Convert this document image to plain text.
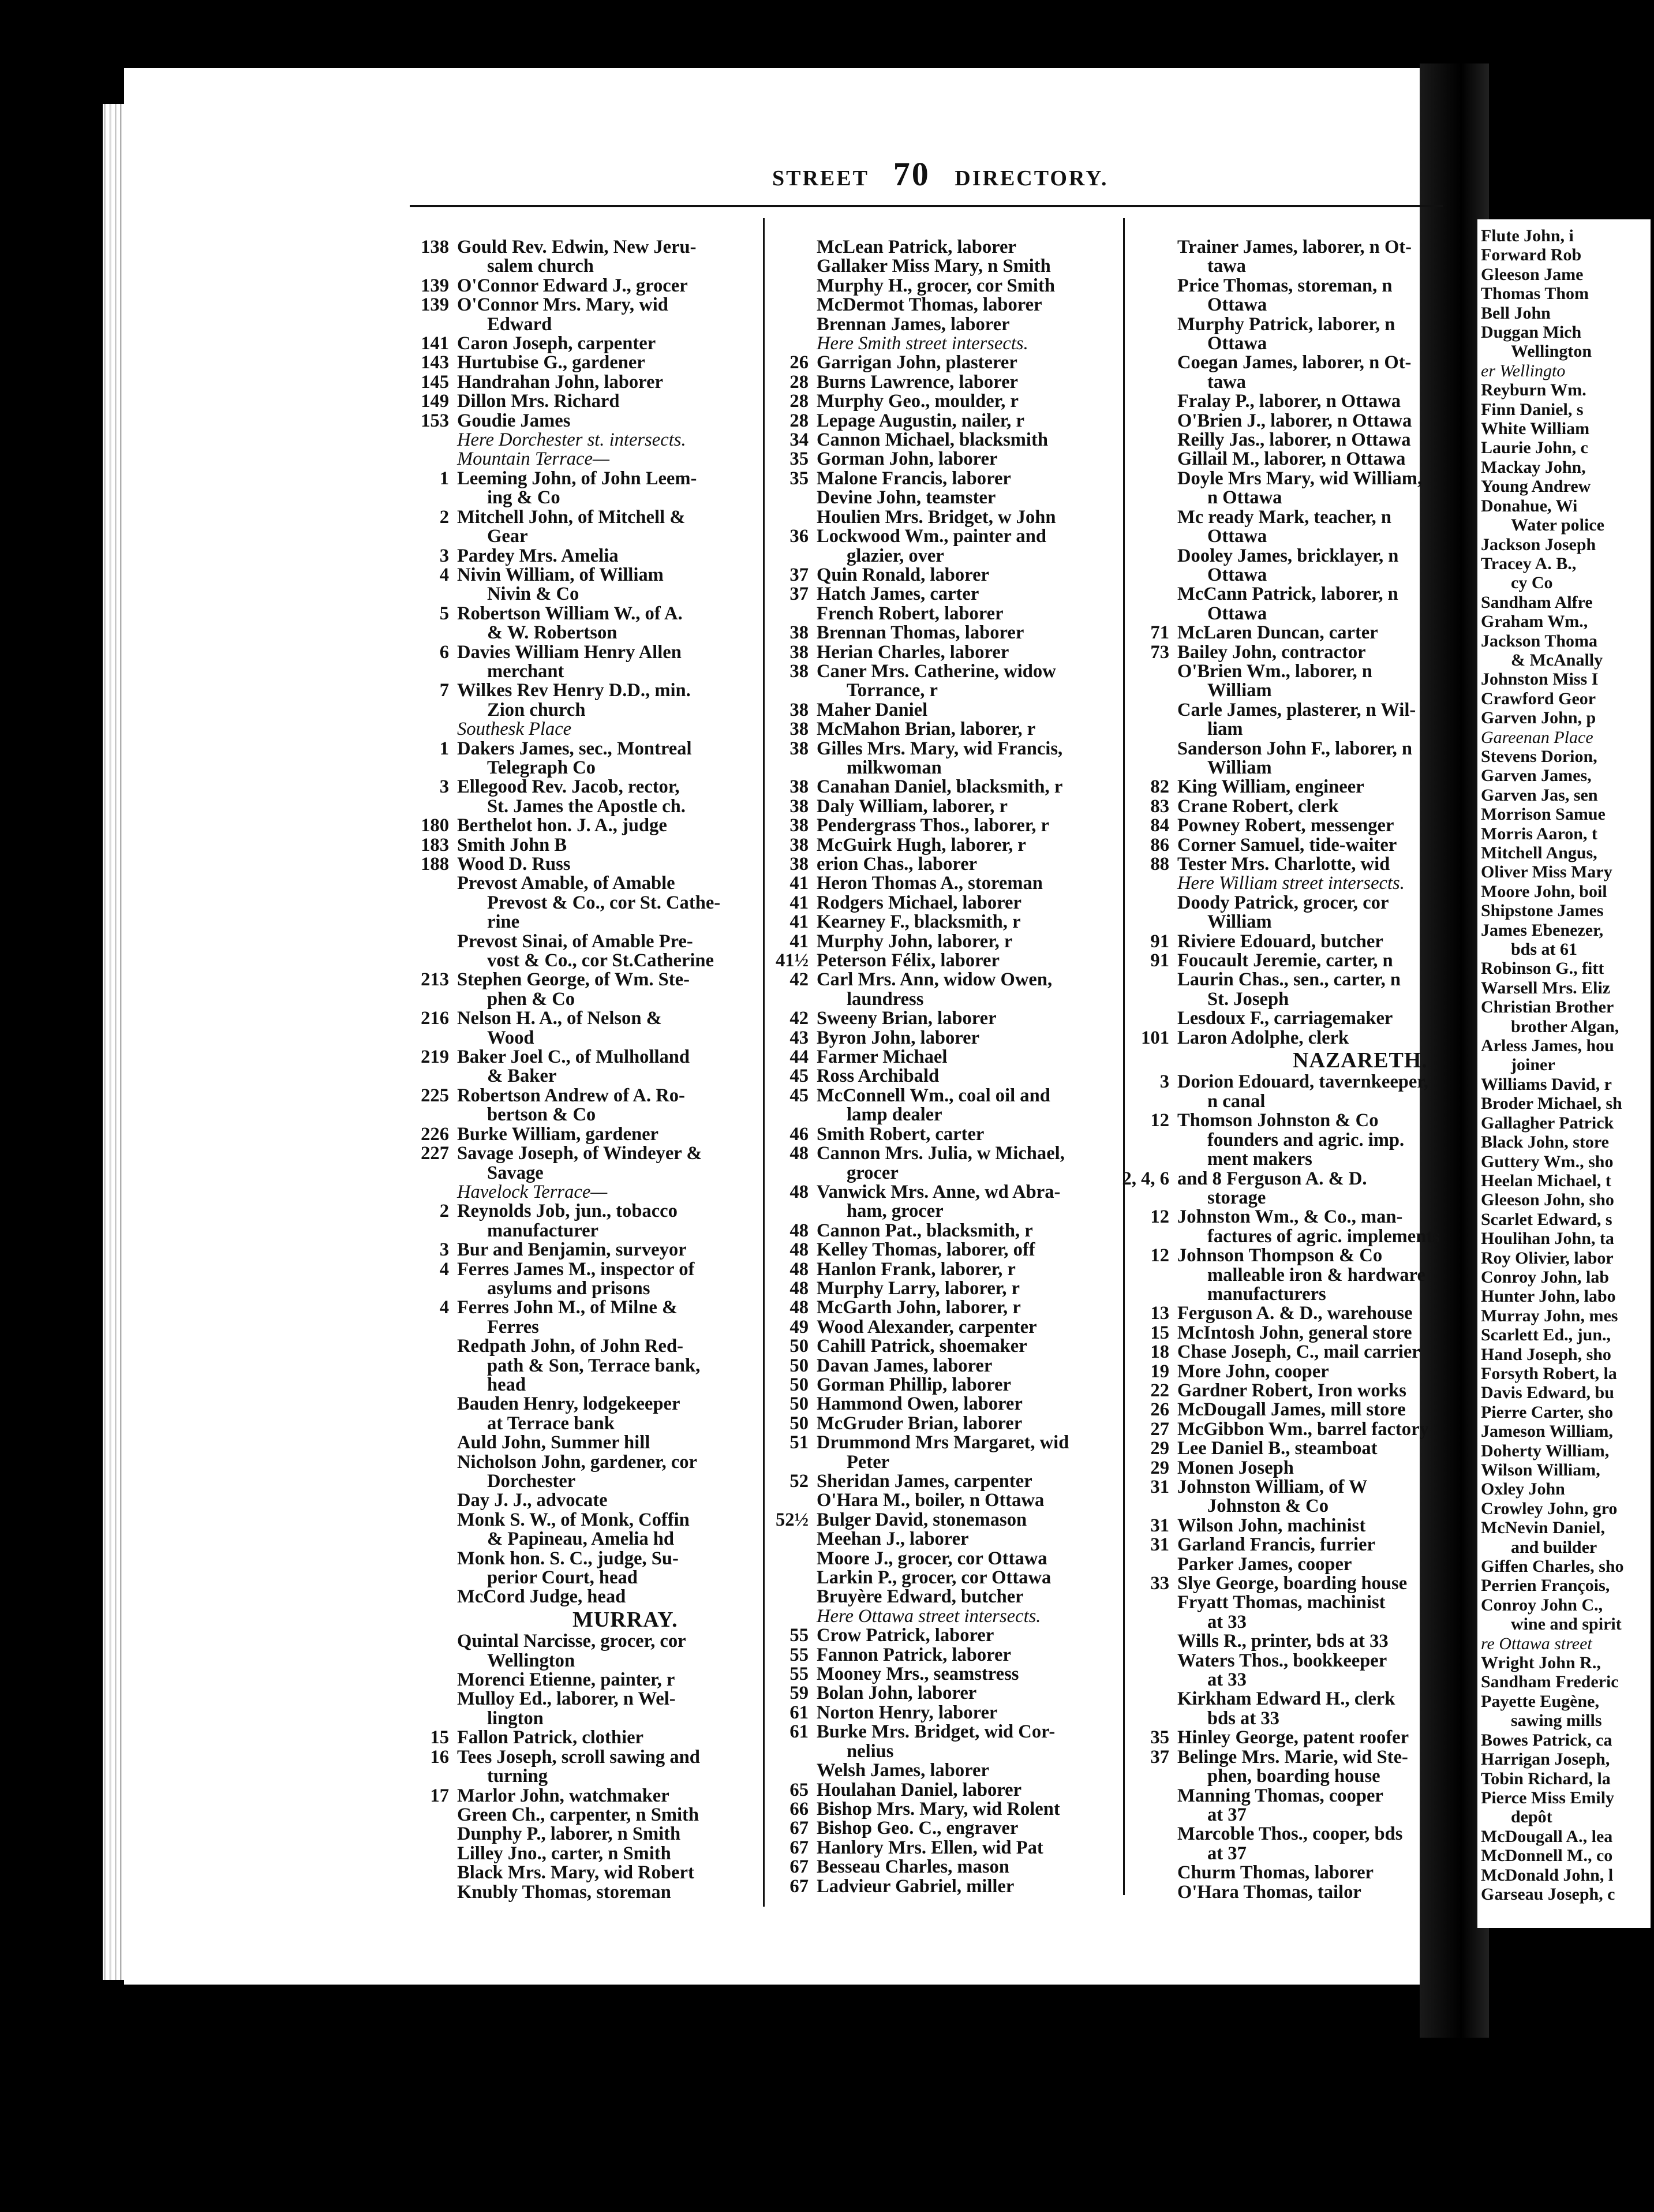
STREET 70 DIRECTORY.
138 Gould Rev. Edwin, New Jeru-
salem church
139 O'Connor Edward J., grocer
139 O'Connor Mrs. Mary, wid
Edward
141 Caron Joseph, carpenter
143 Hurtubise G., gardener
145 Handrahan John, laborer
149 Dillon Mrs. Richard
153 Goudie James
Here Dorchester st. intersects.
Mountain Terrace—
1 Leeming John, of John Leem-
ing & Co
2 Mitchell John, of Mitchell &
Gear
3 Pardey Mrs. Amelia
4 Nivin William, of William
Nivin & Co
5 Robertson William W., of A.
& W. Robertson
6 Davies William Henry Allen
merchant
7 Wilkes Rev Henry D.D., min.
Zion church
Southesk Place
1 Dakers James, sec., Montreal
Telegraph Co
3 Ellegood Rev. Jacob, rector,
St. James the Apostle ch.
180 Berthelot hon. J. A., judge
183 Smith John B
188 Wood D. Russ
Prevost Amable, of Amable
Prevost & Co., cor St. Cathe-
rine
Prevost Sinai, of Amable Pre-
vost & Co., cor St.Catherine
213 Stephen George, of Wm. Ste-
phen & Co
216 Nelson H. A., of Nelson &
Wood
219 Baker Joel C., of Mulholland
& Baker
225 Robertson Andrew of A. Ro-
bertson & Co
226 Burke William, gardener
227 Savage Joseph, of Windeyer &
Savage
Havelock Terrace—
2 Reynolds Job, jun., tobacco
manufacturer
3 Bur and Benjamin, surveyor
4 Ferres James M., inspector of
asylums and prisons
4 Ferres John M., of Milne &
Ferres
Redpath John, of John Red-
path & Son, Terrace bank,
head
Bauden Henry, lodgekeeper
at Terrace bank
Auld John, Summer hill
Nicholson John, gardener, cor
Dorchester
Day J. J., advocate
Monk S. W., of Monk, Coffin
& Papineau, Amelia hd
Monk hon. S. C., judge, Su-
perior Court, head
McCord Judge, head
MURRAY.
Quintal Narcisse, grocer, cor
Wellington
Morenci Etienne, painter, r
Mulloy Ed., laborer, n Wel-
lington
15 Fallon Patrick, clothier
16 Tees Joseph, scroll sawing and
turning
17 Marlor John, watchmaker
Green Ch., carpenter, n Smith
Dunphy P., laborer, n Smith
Lilley Jno., carter, n Smith
Black Mrs. Mary, wid Robert
Knubly Thomas, storeman
McLean Patrick, laborer
Gallaker Miss Mary, n Smith
Murphy H., grocer, cor Smith
McDermot Thomas, laborer
Brennan James, laborer
Here Smith street intersects.
26 Garrigan John, plasterer
28 Burns Lawrence, laborer
28 Murphy Geo., moulder, r
28 Lepage Augustin, nailer, r
34 Cannon Michael, blacksmith
35 Gorman John, laborer
35 Malone Francis, laborer
Devine John, teamster
Houlien Mrs. Bridget, w John
36 Lockwood Wm., painter and
glazier, over
37 Quin Ronald, laborer
37 Hatch James, carter
French Robert, laborer
38 Brennan Thomas, laborer
38 Herian Charles, laborer
38 Caner Mrs. Catherine, widow
Torrance, r
38 Maher Daniel
38 McMahon Brian, laborer, r
38 Gilles Mrs. Mary, wid Francis,
milkwoman
38 Canahan Daniel, blacksmith, r
38 Daly William, laborer, r
38 Pendergrass Thos., laborer, r
38 McGuirk Hugh, laborer, r
38 erion Chas., laborer
41 Heron Thomas A., storeman
41 Rodgers Michael, laborer
41 Kearney F., blacksmith, r
41 Murphy John, laborer, r
41½ Peterson Félix, laborer
42 Carl Mrs. Ann, widow Owen,
laundress
42 Sweeny Brian, laborer
43 Byron John, laborer
44 Farmer Michael
45 Ross Archibald
45 McConnell Wm., coal oil and
lamp dealer
46 Smith Robert, carter
48 Cannon Mrs. Julia, w Michael,
grocer
48 Vanwick Mrs. Anne, wd Abra-
ham, grocer
48 Cannon Pat., blacksmith, r
48 Kelley Thomas, laborer, off
48 Hanlon Frank, laborer, r
48 Murphy Larry, laborer, r
48 McGarth John, laborer, r
49 Wood Alexander, carpenter
50 Cahill Patrick, shoemaker
50 Davan James, laborer
50 Gorman Phillip, laborer
50 Hammond Owen, laborer
50 McGruder Brian, laborer
51 Drummond Mrs Margaret, wid
Peter
52 Sheridan James, carpenter
O'Hara M., boiler, n Ottawa
52½ Bulger David, stonemason
Meehan J., laborer
Moore J., grocer, cor Ottawa
Larkin P., grocer, cor Ottawa
Bruyère Edward, butcher
Here Ottawa street intersects.
55 Crow Patrick, laborer
55 Fannon Patrick, laborer
55 Mooney Mrs., seamstress
59 Bolan John, laborer
61 Norton Henry, laborer
61 Burke Mrs. Bridget, wid Cor-
nelius
Welsh James, laborer
65 Houlahan Daniel, laborer
66 Bishop Mrs. Mary, wid Rolent
67 Bishop Geo. C., engraver
67 Hanlory Mrs. Ellen, wid Pat
67 Besseau Charles, mason
67 Ladvieur Gabriel, miller
Trainer James, laborer, n Ot-
tawa
Price Thomas, storeman, n
Ottawa
Murphy Patrick, laborer, n
Ottawa
Coegan James, laborer, n Ot-
tawa
Fralay P., laborer, n Ottawa
O'Brien J., laborer, n Ottawa
Reilly Jas., laborer, n Ottawa
Gillail M., laborer, n Ottawa
Doyle Mrs Mary, wid William,
n Ottawa
Mc ready Mark, teacher, n
Ottawa
Dooley James, bricklayer, n
Ottawa
McCann Patrick, laborer, n
Ottawa
71 McLaren Duncan, carter
73 Bailey John, contractor
O'Brien Wm., laborer, n
William
Carle James, plasterer, n Wil-
liam
Sanderson John F., laborer, n
William
82 King William, engineer
83 Crane Robert, clerk
84 Powney Robert, messenger
86 Corner Samuel, tide-waiter
88 Tester Mrs. Charlotte, wid
Here William street intersects.
Doody Patrick, grocer, cor
William
91 Riviere Edouard, butcher
91 Foucault Jeremie, carter, n
Laurin Chas., sen., carter, n
St. Joseph
Lesdoux F., carriagemaker
101 Laron Adolphe, clerk
NAZARETH.
3 Dorion Edouard, tavernkeeper,
n canal
12 Thomson Johnston & Co
founders and agric. imp.
ment makers
2, 4, 6 and 8 Ferguson A. & D.
storage
12 Johnston Wm., & Co., man-
factures of agric. implements
12 Johnson Thompson & Co
malleable iron & hardware
manufacturers
13 Ferguson A. & D., warehouse
15 McIntosh John, general store
18 Chase Joseph, C., mail carrier
19 More John, cooper
22 Gardner Robert, Iron works
26 McDougall James, mill store
27 McGibbon Wm., barrel factory
29 Lee Daniel B., steamboat
29 Monen Joseph
31 Johnston William, of W
Johnston & Co
31 Wilson John, machinist
31 Garland Francis, furrier
Parker James, cooper
33 Slye George, boarding house
Fryatt Thomas, machinist
at 33
Wills R., printer, bds at 33
Waters Thos., bookkeeper
at 33
Kirkham Edward H., clerk
bds at 33
35 Hinley George, patent roofer
37 Belinge Mrs. Marie, wid Ste-
phen, boarding house
Manning Thomas, cooper
at 37
Marcoble Thos., cooper, bds
at 37
Churm Thomas, laborer
O'Hara Thomas, tailor
Flute John, i
Forward Rob
Gleeson Jame
Thomas Thom
Bell John
Duggan Mich
Wellington
er Wellingto
Reyburn Wm.
Finn Daniel, s
White William
Laurie John, c
Mackay John,
Young Andrew
Donahue, Wi
Water police
Jackson Joseph
Tracey A. B.,
cy Co
Sandham Alfre
Graham Wm.,
Jackson Thoma
& McAnally
Johnston Miss I
Crawford Geor
Garven John, p
Gareenan Place
Stevens Dorion,
Garven James,
Garven Jas, sen
Morrison Samue
Morris Aaron, t
Mitchell Angus,
Oliver Miss Mary
Moore John, boil
Shipstone James
James Ebenezer,
bds at 61
Robinson G., fitt
Warsell Mrs. Eliz
Christian Brother
brother Algan,
Arless James, hou
joiner
Williams David, r
Broder Michael, sh
Gallagher Patrick
Black John, store
Guttery Wm., sho
Heelan Michael, t
Gleeson John, sho
Scarlet Edward, s
Houlihan John, ta
Roy Olivier, labor
Conroy John, lab
Hunter John, labo
Murray John, mes
Scarlett Ed., jun.,
Hand Joseph, sho
Forsyth Robert, la
Davis Edward, bu
Pierre Carter, sho
Jameson William,
Doherty William,
Wilson William,
Oxley John
Crowley John, gro
McNevin Daniel,
and builder
Giffen Charles, sho
Perrien François,
Conroy John C.,
wine and spirit
re Ottawa street
Wright John R.,
Sandham Frederic
Payette Eugène,
sawing mills
Bowes Patrick, ca
Harrigan Joseph,
Tobin Richard, la
Pierce Miss Emily
depôt
McDougall A., lea
McDonnell M., co
McDonald John, l
Garseau Joseph, c
